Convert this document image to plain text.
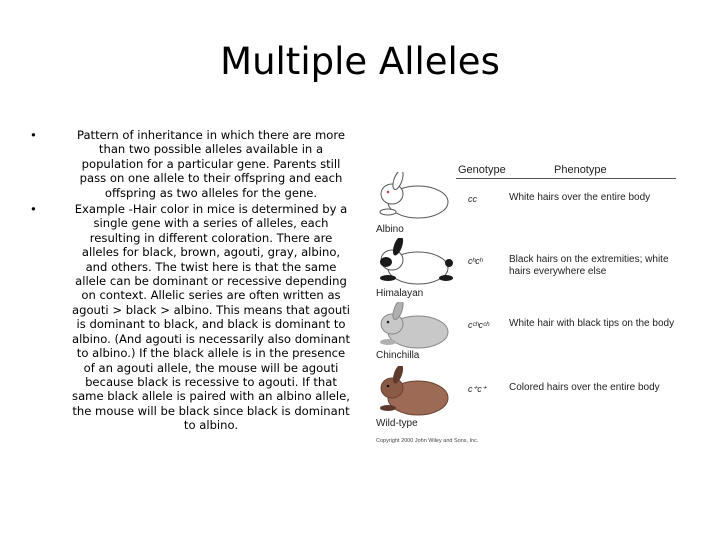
Multiple Alleles
•	Pattern of inheritance in which there are more than two possible alleles available in a population for a particular gene. Parents still pass on one allele to their offspring and each offspring as two alleles for the gene.
•	Example -Hair color in mice is determined by a single gene with a series of alleles, each resulting in different coloration. There are alleles for black, brown, agouti, gray, albino, and others. The twist here is that the same allele can be dominant or recessive depending on context. Allelic series are often written as agouti > black > albino. This means that agouti is dominant to black, and black is dominant to albino. (And agouti is necessarily also dominant to albino.) If the black allele is in the presence of an agouti allele, the mouse will be agouti because black is recessive to agouti. If that same black allele is paired with an albino allele, the mouse will be black since black is dominant to albino.
Genotype	Phenotype
Albino
cc	White hairs over the entire body
Himalayan
cʰcʰ	Black hairs on the extremities; white hairs everywhere else
Chinchilla
cᶜʰcᶜʰ White hair with black tips on the body
Wild-type
c⁺c⁺ Colored hairs over the entire body
Copyright 2000 John Wiley and Sons, Inc.
